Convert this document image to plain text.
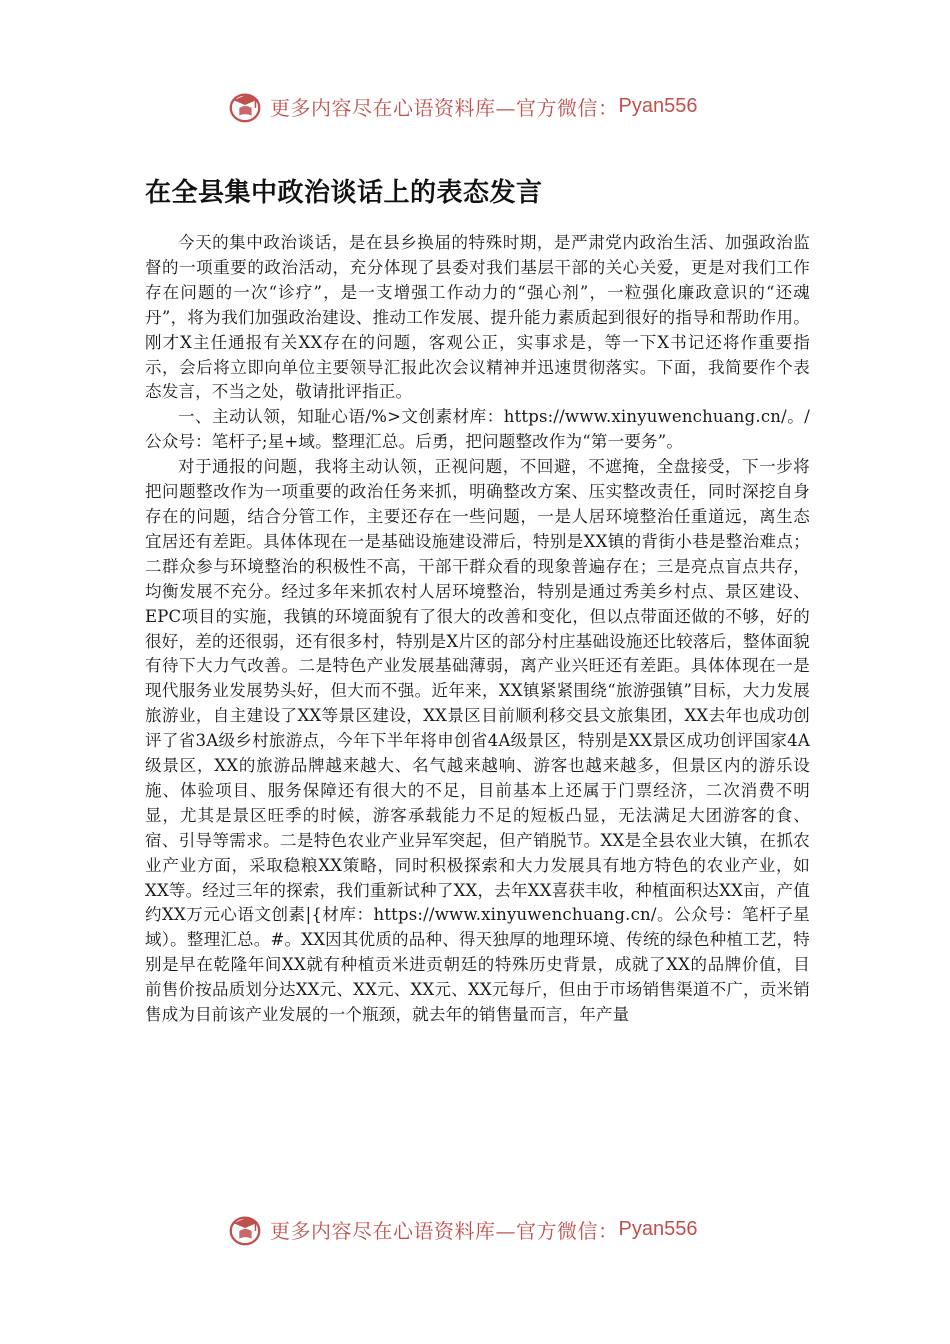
更多内容尽在心语资料库—官方微信： Pyan556
在全县集中政治谈话上的表态发言

今天的集中政治谈话，是在县乡换届的特殊时期，是严肃党内政治生活、加强政治监督的一项重要的政治活动，充分体现了县委对我们基层干部的关心关爱，更是对我们工作存在问题的一次“诊疗”，是一支增强工作动力的“强心剂”，一粒强化廉政意识的“还魂丹”，将为我们加强政治建设、推动工作发展、提升能力素质起到很好的指导和帮助作用。刚才X主任通报有关XX存在的问题，客观公正，实事求是，等一下X书记还将作重要指示，会后将立即向单位主要领导汇报此次会议精神并迅速贯彻落实。下面，我简要作个表态发言，不当之处，敬请批评指正。

一、主动认领，知耻心语/%>文创素材库：https://www.xinyuwenchuang.cn/。/公众号：笔杆子;星+域。整理汇总。后勇，把问题整改作为“第一要务”。

对于通报的问题，我将主动认领，正视问题，不回避，不遮掩，全盘接受，下一步将把问题整改作为一项重要的政治任务来抓，明确整改方案、压实整改责任，同时深挖自身存在的问题，结合分管工作，主要还存在一些问题，一是人居环境整治任重道远，离生态宜居还有差距。具体体现在一是基础设施建设滞后，特别是XX镇的背街小巷是整治难点；二群众参与环境整治的积极性不高，干部干群众看的现象普遍存在；三是亮点盲点共存，均衡发展不充分。经过多年来抓农村人居环境整治，特别是通过秀美乡村点、景区建设、EPC项目的实施，我镇的环境面貌有了很大的改善和变化，但以点带面还做的不够，好的很好，差的还很弱，还有很多村，特别是X片区的部分村庄基础设施还比较落后，整体面貌有待下大力气改善。二是特色产业发展基础薄弱，离产业兴旺还有差距。具体体现在一是现代服务业发展势头好，但大而不强。近年来，XX镇紧紧围绕“旅游强镇”目标，大力发展旅游业，自主建设了XX等景区建设，XX景区目前顺利移交县文旅集团，XX去年也成功创评了省3A级乡村旅游点，今年下半年将申创省4A级景区，特别是XX景区成功创评国家4A级景区，XX的旅游品牌越来越大、名气越来越响、游客也越来越多，但景区内的游乐设施、体验项目、服务保障还有很大的不足，目前基本上还属于门票经济，二次消费不明显，尤其是景区旺季的时候，游客承载能力不足的短板凸显，无法满足大团游客的食、宿、引导等需求。二是特色农业产业异军突起，但产销脱节。XX是全县农业大镇，在抓农业产业方面，采取稳粮XX策略，同时积极探索和大力发展具有地方特色的农业产业，如XX等。经过三年的探索，我们重新试种了XX，去年XX喜获丰收，种植面积达XX亩，产值约XX万元心语文创素|{材库：https://www.xinyuwenchuang.cn/。公众号：笔杆子星域）。整理汇总。#。XX因其优质的品种、得天独厚的地理环境、传统的绿色种植工艺，特别是早在乾隆年间XX就有种植贡米进贡朝廷的特殊历史背景，成就了XX的品牌价值，目前售价按品质划分达XX元、XX元、XX元、XX元每斤，但由于市场销售渠道不广，贡米销售成为目前该产业发展的一个瓶颈，就去年的销售量而言，年产量

更多内容尽在心语资料库—官方微信： Pyan556
